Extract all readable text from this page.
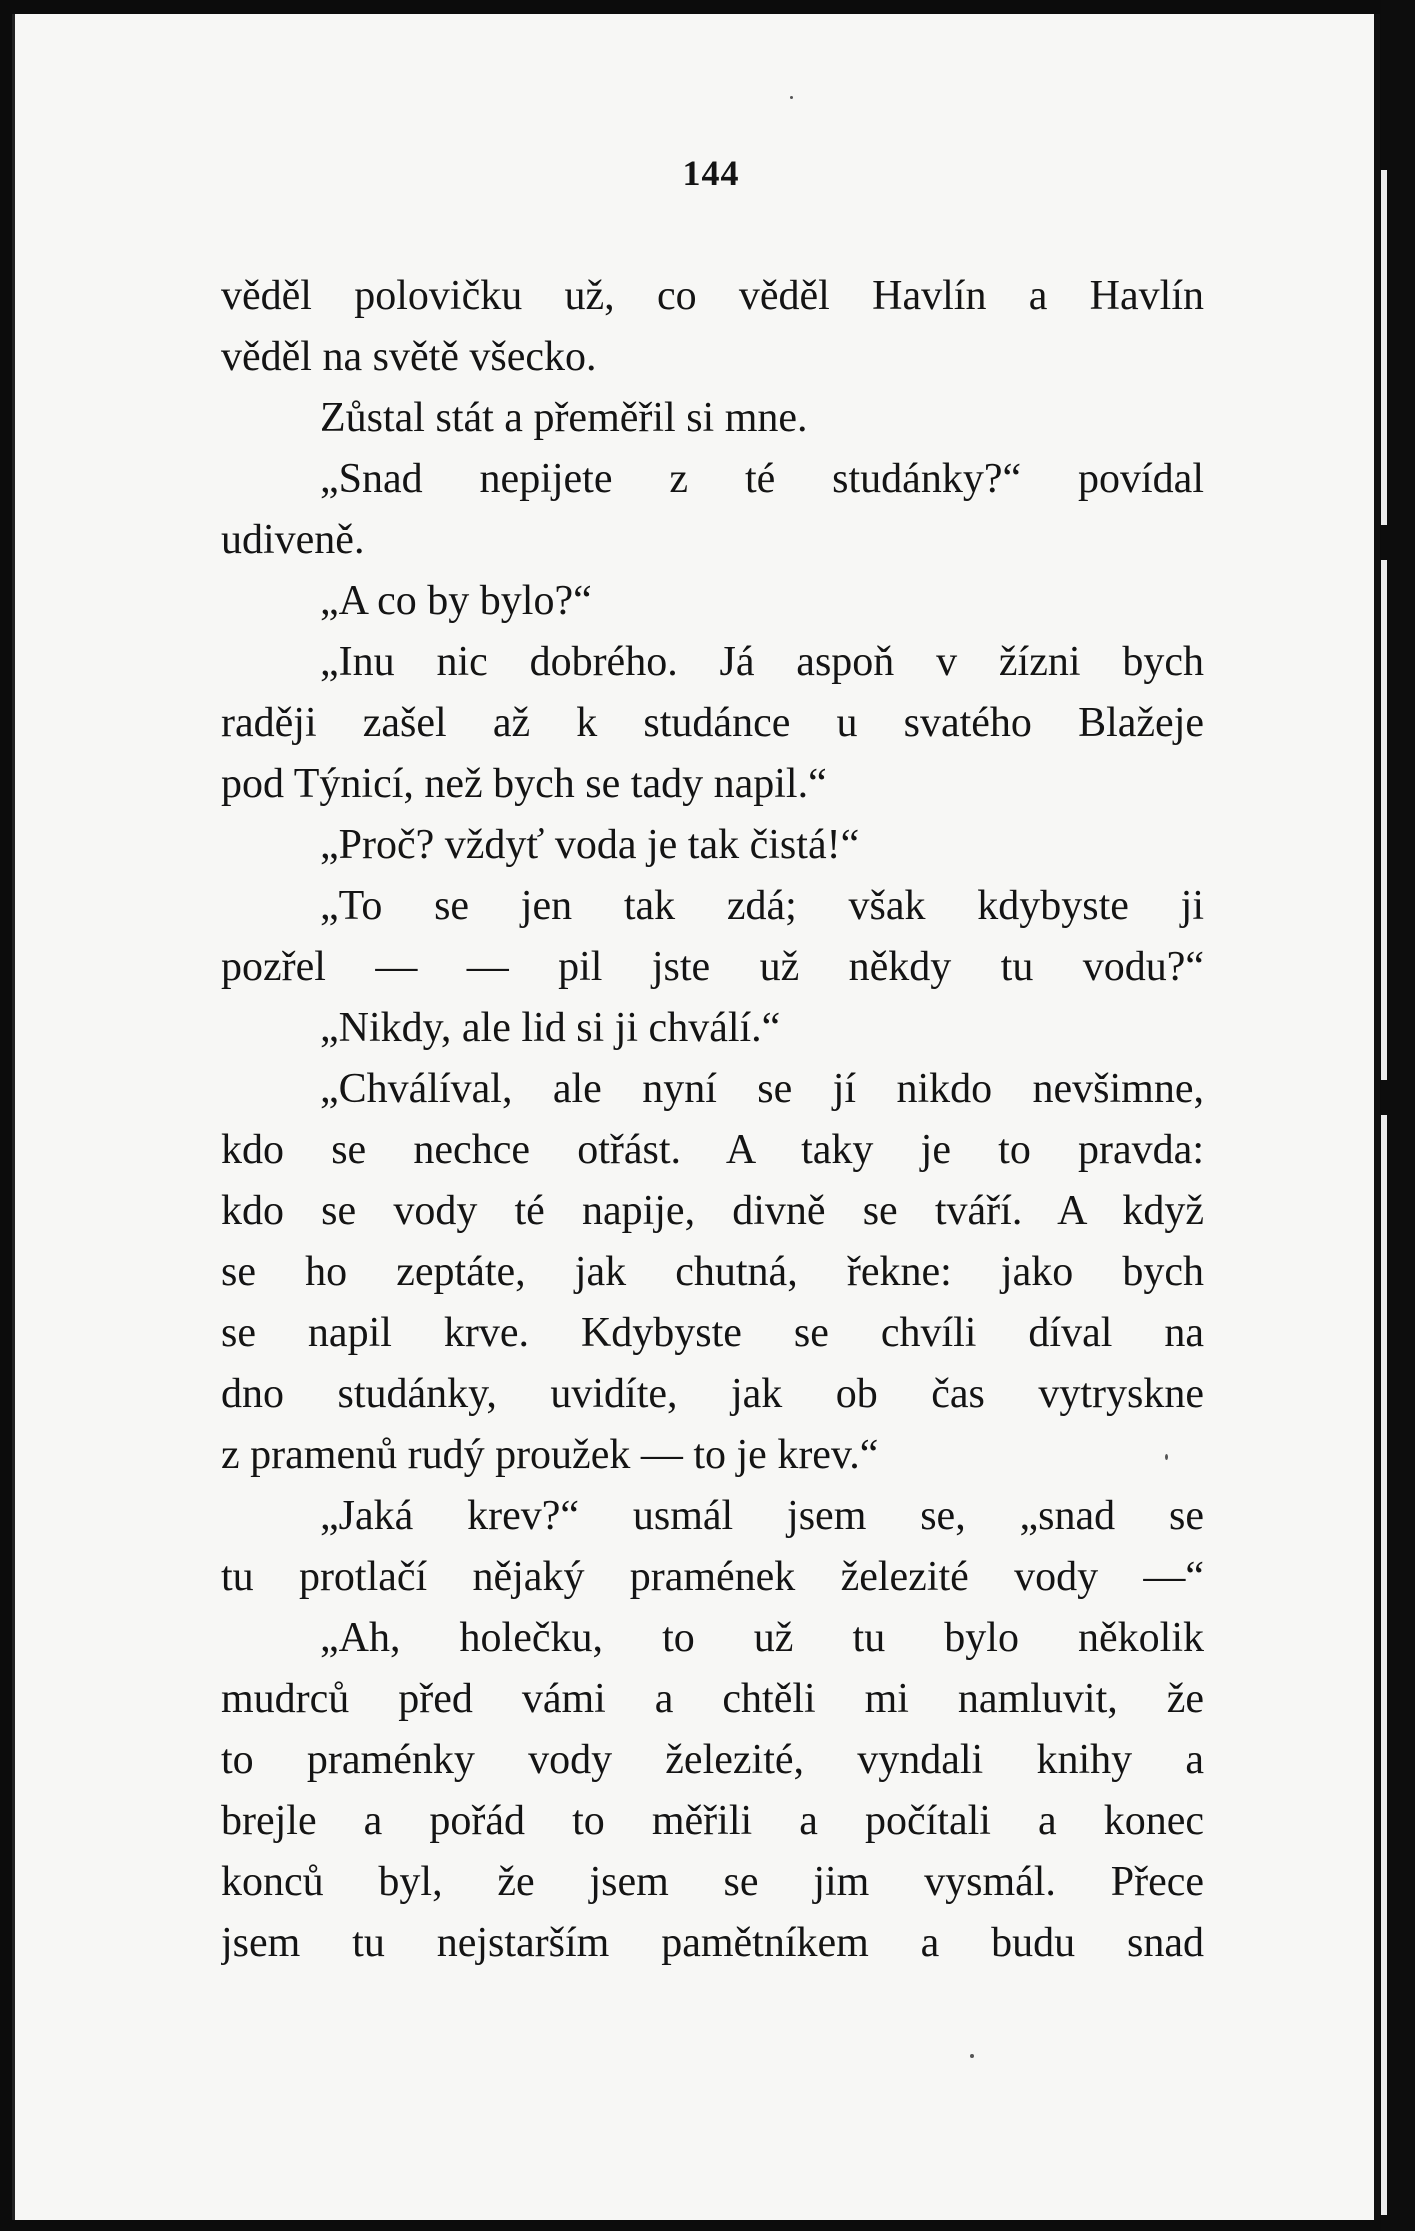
144
věděl polovičku už, co věděl Havlín a Havlín
věděl na světě všecko.
Zůstal stát a přeměřil si mne.
„Snad nepijete z té studánky?“ povídal
udiveně.
„A co by bylo?“
„Inu nic dobrého. Já aspoň v žízni bych
raději zašel až k studánce u svatého Blažeje
pod Týnicí, než bych se tady napil.“
„Proč? vždyť voda je tak čistá!“
„To se jen tak zdá; však kdybyste ji
pozřel — — pil jste už někdy tu vodu?“
„Nikdy, ale lid si ji chválí.“
„Chválíval, ale nyní se jí nikdo nevšimne,
kdo se nechce otřást. A taky je to pravda:
kdo se vody té napije, divně se tváří. A když
se ho zeptáte, jak chutná, řekne: jako bych
se napil krve. Kdybyste se chvíli díval na
dno studánky, uvidíte, jak ob čas vytryskne
z pramenů rudý proužek — to je krev.“
„Jaká krev?“ usmál jsem se, „snad se
tu protlačí nějaký pramének železité vody —“
„Ah, holečku, to už tu bylo několik
mudrců před vámi a chtěli mi namluvit, že
to praménky vody železité, vyndali knihy a
brejle a pořád to měřili a počítali a konec
konců byl, že jsem se jim vysmál. Přece
jsem tu nejstarším pamětníkem a budu snad
